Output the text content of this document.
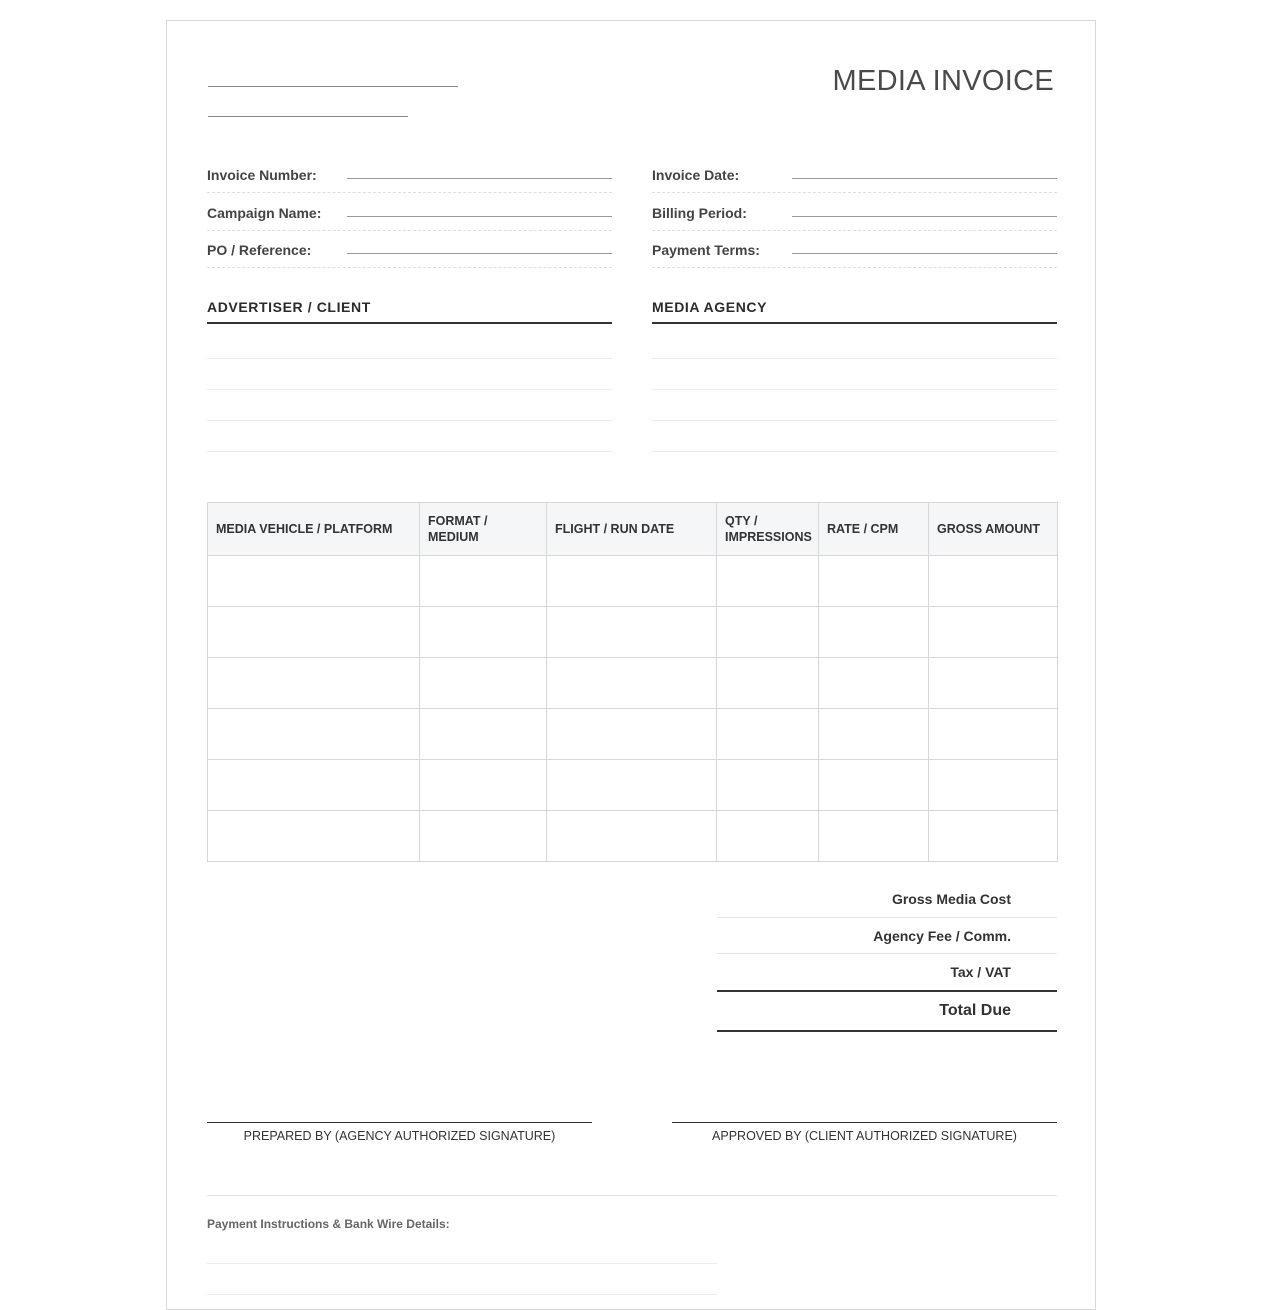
MEDIA INVOICE
Invoice Number:
Campaign Name:
PO / Reference:
Invoice Date:
Billing Period:
Payment Terms:
ADVERTISER / CLIENT	MEDIA AGENCY
MEDIA VEHICLE / PLATFORM	FORMAT / MEDIUM	FLIGHT / RUN DATE	QTY / IMPRESSIONS	RATE / CPM	GROSS AMOUNT

Gross Media Cost
Agency Fee / Comm.
Tax / VAT
Total Due
PREPARED BY (AGENCY AUTHORIZED SIGNATURE)	APPROVED BY (CLIENT AUTHORIZED SIGNATURE)
Payment Instructions & Bank Wire Details:
